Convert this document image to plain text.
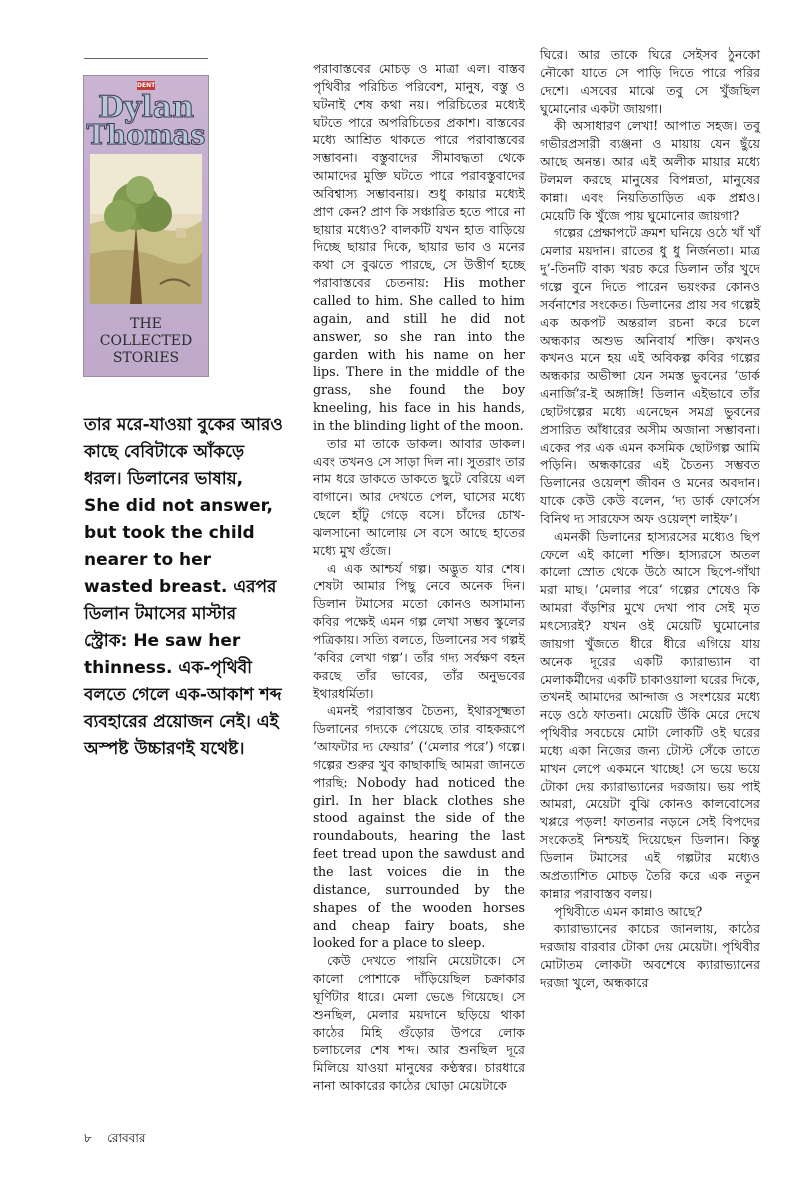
DENT
Dylan
Thomas
THE
COLLECTED
STORIES
তার মরে-যাওয়া বুকের আরও কাছে বেবিটাকে আঁকড়ে ধরল। ডিলানের ভাষায়, She did not answer, but took the child nearer to her wasted breast. এরপর ডিলান টমাসের মাস্টার স্ট্রোক: He saw her thinness. এক-পৃথিবী বলতে গেলে এক-আকাশ শব্দ ব্যবহারের প্রয়োজন নেই। এই অস্পষ্ট উচ্চারণই যথেষ্ট।

পরাবাস্তবের মোচড় ও মাত্রা এল। বাস্তব পৃথিবীর পরিচিত পরিবেশ, মানুষ, বস্তু ও ঘটনাই শেষ কথা নয়। পরিচিতের মধ্যেই ঘটতে পারে অপরিচিতের প্রকাশ। বাস্তবের মধ্যে আশ্রিত থাকতে পারে পরাবাস্তবের সম্ভাবনা। বস্তুবাদের সীমাবদ্ধতা থেকে আমাদের মুক্তি ঘটতে পারে পরাবস্তুবাদের অবিশ্বাস্য সম্ভাবনায়। শুধু কায়ার মধ্যেই প্রাণ কেন? প্রাণ কি সঞ্চারিত হতে পারে না ছায়ার মধ্যেও? বালকটি যখন হাত বাড়িয়ে দিচ্ছে ছায়ার দিকে, ছায়ার ভাব ও মনের কথা সে বুঝতে পারছে, সে উত্তীর্ণ হচ্ছে পরাবাস্তবের চেতনায়: His mother called to him. She called to him again, and still he did not answer, so she ran into the garden with his name on her lips. There in the middle of the grass, she found the boy kneeling, his face in his hands, in the blinding light of the moon.

তার মা তাকে ডাকল। আবার ডাকল। এবং তখনও সে সাড়া দিল না। সুতরাং তার নাম ধরে ডাকতে ডাকতে ছুটে বেরিয়ে এল বাগানে। আর দেখতে পেল, ঘাসের মধ্যে ছেলে হাঁটু গেড়ে বসে। চাঁদের চোখ-ঝলসানো আলোয় সে বসে আছে হাতের মধ্যে মুখ গুঁজে।

এ এক আশ্চর্য গল্প। অদ্ভুত যার শেষ। শেষটা আমার পিছু নেবে অনেক দিন। ডিলান টমাসের মতো কোনও অসামান্য কবির পক্ষেই এমন গল্প লেখা সম্ভব স্কুলের পত্রিকায়। সত্যি বলতে, ডিলানের সব গল্পই ‘কবির লেখা গল্প’। তাঁর গদ্য সর্বক্ষণ বহন করছে তাঁর ভাবের, তাঁর অনুভবের ইথারধর্মিতা।

এমনই পরাবাস্তব চৈতন্য, ইথারসূক্ষ্মতা ডিলানের গদ্যকে পেয়েছে তার বাহকরূপে ‘আফটার দ্য ফেয়ার’ (‘মেলার পরে’) গল্পে। গল্পের শুরুর খুব কাছাকাছি আমরা জানতে পারছি: Nobody had noticed the girl. In her black clothes she stood against the side of the roundabouts, hearing the last feet tread upon the sawdust and the last voices die in the distance, surrounded by the shapes of the wooden horses and cheap fairy boats, she looked for a place to sleep.

কেউ দেখতে পায়নি মেয়েটাকে। সে কালো পোশাকে দাঁড়িয়েছিল চক্রাকার ঘূর্ণিটার ধারে। মেলা ভেঙে গিয়েছে। সে শুনছিল, মেলার ময়দানে ছড়িয়ে থাকা কাঠের মিহি গুঁড়োর উপরে লোক চলাচলের শেষ শব্দ। আর শুনছিল দূরে মিলিয়ে যাওয়া মানুষের কণ্ঠস্বর। চারধারে নানা আকারের কাঠের ঘোড়া মেয়েটাকে

ঘিরে। আর তাকে ঘিরে সেইসব ঠুনকো নৌকো যাতে সে পাড়ি দিতে পারে পরির দেশে। এসবের মাঝে তবু সে খুঁজছিল ঘুমোনোর একটা জায়গা।

কী অসাধারণ লেখা! আপাত সহজ। তবু গভীরপ্রসারী ব্যঞ্জনা ও মায়ায় যেন ছুঁয়ে আছে অনন্ত। আর এই অলীক মায়ার মধ্যে টলমল করছে মানুষের বিপন্নতা, মানুষের কান্না। এবং নিয়তিতাড়িত এক প্রশ্নও। মেয়েটি কি খুঁজে পায় ঘুমোনোর জায়গা?

গল্পের প্রেক্ষাপটে ক্রমশ ঘনিয়ে ওঠে খাঁ খাঁ মেলার ময়দান। রাতের ধু ধু নির্জনতা। মাত্র দু’-তিনটি বাক্য খরচ করে ডিলান তাঁর খুদে গল্পে বুনে দিতে পারেন ভয়ংকর কোনও সর্বনাশের সংকেত। ডিলানের প্রায় সব গল্পেই এক অকপট অন্তরাল রচনা করে চলে অন্ধকার অশুভ অনিবার্য শক্তি। কখনও কখনও মনে হয় এই অবিকল্প কবির গল্পের অন্ধকার অভীপ্সা যেন সমস্ত ভুবনের ‘ডার্ক এনার্জি’র-ই অঙ্গাঙ্গি! ডিলান এইভাবে তাঁর ছোটগল্পের মধ্যে এনেছেন সমগ্র ভুবনের প্রসারিত আঁধারের অসীম অজানা সম্ভাবনা। একের পর এক এমন কসমিক ছোটগল্প আমি পড়িনি। অন্ধকারের এই চৈতন্য সম্ভবত ডিলানের ওয়েল্‌শ জীবন ও মনের অবদান। যাকে কেউ কেউ বলেন, ‘দ্য ডার্ক ফোর্সেস বিনিথ দ্য সারফেস অফ ওয়েল্‌শ লাইফ’।

এমনকী ডিলানের হাস্যরসের মধ্যেও ছিপ ফেলে এই কালো শক্তি। হাস্যরসে অতল কালো স্রোত থেকে উঠে আসে ছিপে-গাঁথা মরা মাছ। ‘মেলার পরে’ গল্পের শেষেও কি আমরা বঁড়শির মুখে দেখা পাব সেই মৃত মৎস্যেরই? যখন ওই মেয়েটি ঘুমোনোর জায়গা খুঁজতে ধীরে ধীরে এগিয়ে যায় অনেক দূরের একটি ক্যারাভ্যান বা মেলাকর্মীদের একটি চাকাওয়ালা ঘরের দিকে, তখনই আমাদের আন্দাজ ও সংশয়ের মধ্যে নড়ে ওঠে ফাতনা। মেয়েটি উঁকি মেরে দেখে পৃথিবীর সবচেয়ে মোটা লোকটি ওই ঘরের মধ্যে একা নিজের জন্য টোস্ট সেঁকে তাতে মাখন লেপে একমনে খাচ্ছে! সে ভয়ে ভয়ে টোকা দেয় ক্যারাভ্যানের দরজায়। ভয় পাই আমরা, মেয়েটা বুঝি কোনও কালবোসের খপ্পরে পড়ল! ফাতনার নড়নে সেই বিপদের সংকেতই নিশ্চয়ই দিয়েছেন ডিলান। কিন্তু ডিলান টমাসের এই গল্পটার মধ্যেও অপ্রত্যাশিত মোচড় তৈরি করে এক নতুন কান্নার পরাবাস্তব বলয়।

পৃথিবীতে এমন কান্নাও আছে?

ক্যারাভ্যানের কাচের জানলায়, কাঠের দরজায় বারবার টোকা দেয় মেয়েটা। পৃথিবীর মোটাতম লোকটা অবশেষে ক্যারাভ্যানের দরজা খুলে, অন্ধকারে

৮ রোববার
